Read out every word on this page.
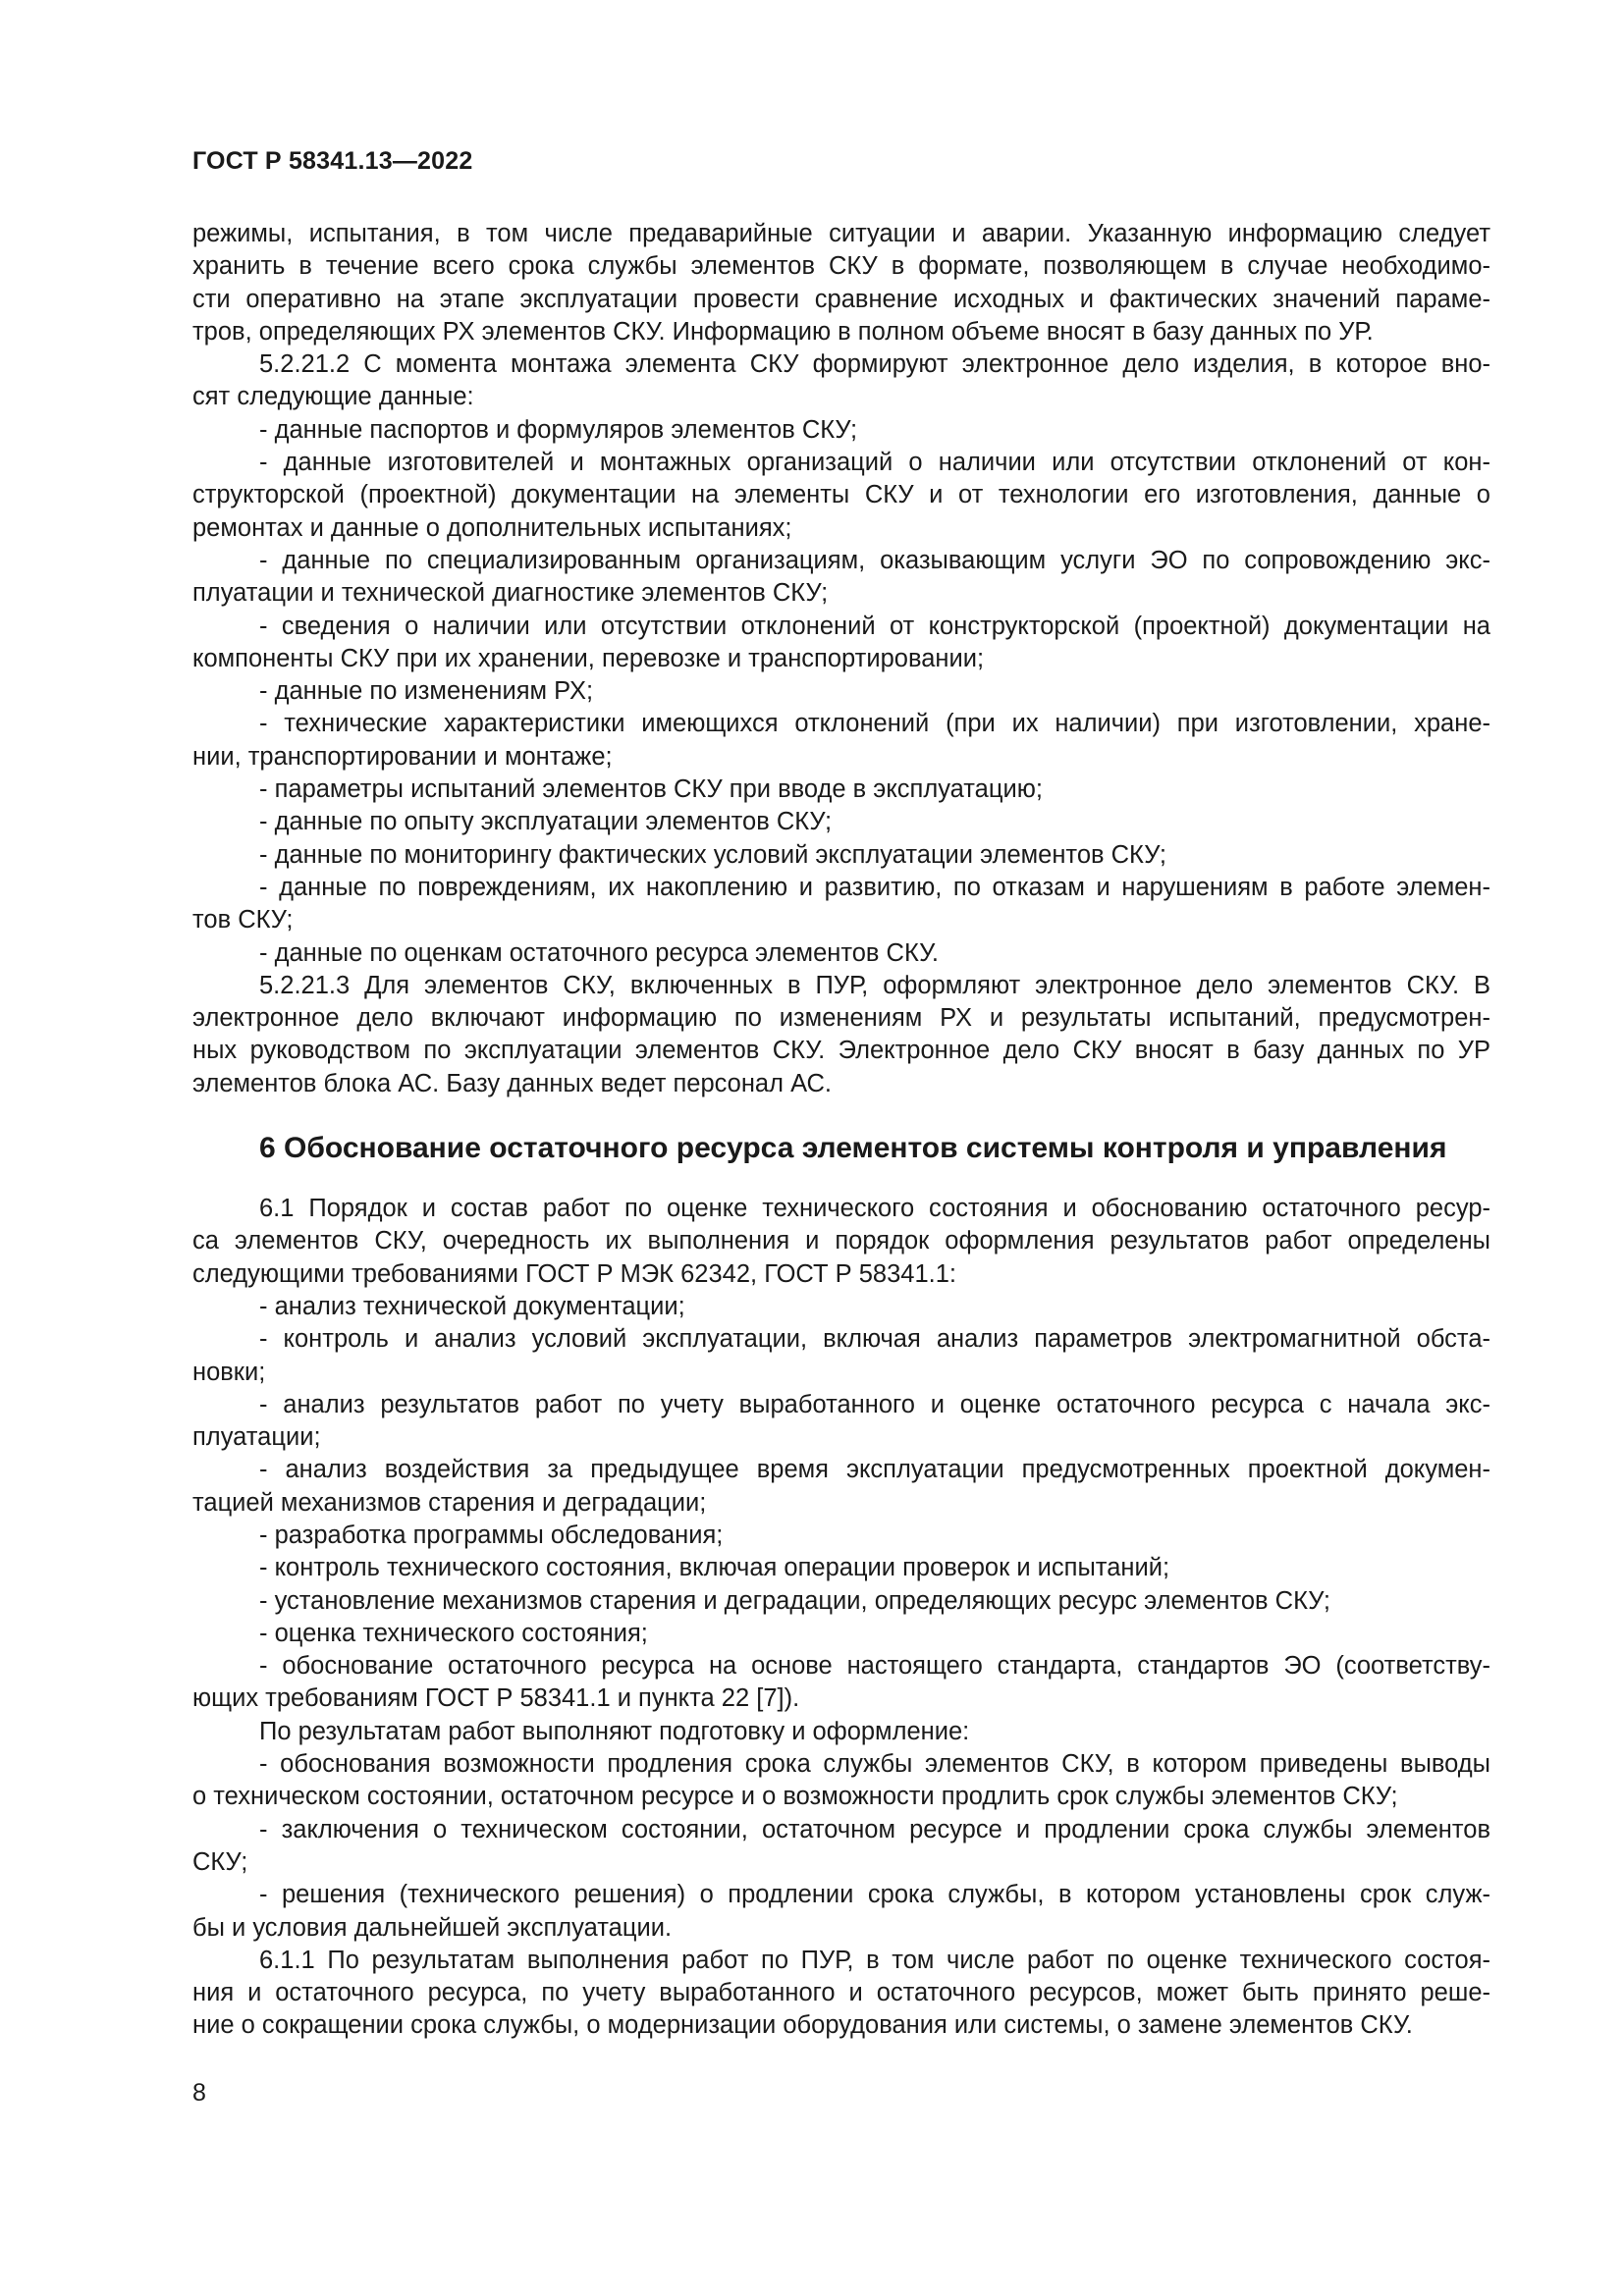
ГОСТ Р 58341.13—2022

режимы, испытания, в том числе предаварийные ситуации и аварии. Указанную информацию следует
хранить в течение всего срока службы элементов СКУ в формате, позволяющем в случае необходимо-
сти оперативно на этапе эксплуатации провести сравнение исходных и фактических значений параме-
тров, определяющих РХ элементов СКУ. Информацию в полном объеме вносят в базу данных по УР.

5.2.21.2 С момента монтажа элемента СКУ формируют электронное дело изделия, в которое вно-
сят следующие данные:

- данные паспортов и формуляров элементов СКУ;

- данные изготовителей и монтажных организаций о наличии или отсутствии отклонений от кон-
структорской (проектной) документации на элементы СКУ и от технологии его изготовления, данные о
ремонтах и данные о дополнительных испытаниях;

- данные по специализированным организациям, оказывающим услуги ЭО по сопровождению экс-
плуатации и технической диагностике элементов СКУ;

- сведения о наличии или отсутствии отклонений от конструкторской (проектной) документации на
компоненты СКУ при их хранении, перевозке и транспортировании;

- данные по изменениям РХ;

- технические характеристики имеющихся отклонений (при их наличии) при изготовлении, хране-
нии, транспортировании и монтаже;

- параметры испытаний элементов СКУ при вводе в эксплуатацию;

- данные по опыту эксплуатации элементов СКУ;

- данные по мониторингу фактических условий эксплуатации элементов СКУ;

- данные по повреждениям, их накоплению и развитию, по отказам и нарушениям в работе элемен-
тов СКУ;

- данные по оценкам остаточного ресурса элементов СКУ.

5.2.21.3 Для элементов СКУ, включенных в ПУР, оформляют электронное дело элементов СКУ. В
электронное дело включают информацию по изменениям РХ и результаты испытаний, предусмотрен-
ных руководством по эксплуатации элементов СКУ. Электронное дело СКУ вносят в базу данных по УР
элементов блока АС. Базу данных ведет персонал АС.

6 Обоснование остаточного ресурса элементов системы контроля и управления

6.1 Порядок и состав работ по оценке технического состояния и обоснованию остаточного ресур-
са элементов СКУ, очередность их выполнения и порядок оформления результатов работ определены
следующими требованиями ГОСТ Р МЭК 62342, ГОСТ Р 58341.1:

- анализ технической документации;

- контроль и анализ условий эксплуатации, включая анализ параметров электромагнитной обста-
новки;

- анализ результатов работ по учету выработанного и оценке остаточного ресурса с начала экс-
плуатации;

- анализ воздействия за предыдущее время эксплуатации предусмотренных проектной докумен-
тацией механизмов старения и деградации;

- разработка программы обследования;

- контроль технического состояния, включая операции проверок и испытаний;

- установление механизмов старения и деградации, определяющих ресурс элементов СКУ;

- оценка технического состояния;

- обоснование остаточного ресурса на основе настоящего стандарта, стандартов ЭО (соответству-
ющих требованиям ГОСТ Р 58341.1 и пункта 22 [7]).

По результатам работ выполняют подготовку и оформление:

- обоснования возможности продления срока службы элементов СКУ, в котором приведены выводы
о техническом состоянии, остаточном ресурсе и о возможности продлить срок службы элементов СКУ;

- заключения о техническом состоянии, остаточном ресурсе и продлении срока службы элементов
СКУ;

- решения (технического решения) о продлении срока службы, в котором установлены срок служ-
бы и условия дальнейшей эксплуатации.

6.1.1 По результатам выполнения работ по ПУР, в том числе работ по оценке технического состоя-
ния и остаточного ресурса, по учету выработанного и остаточного ресурсов, может быть принято реше-
ние о сокращении срока службы, о модернизации оборудования или системы, о замене элементов СКУ.

8
